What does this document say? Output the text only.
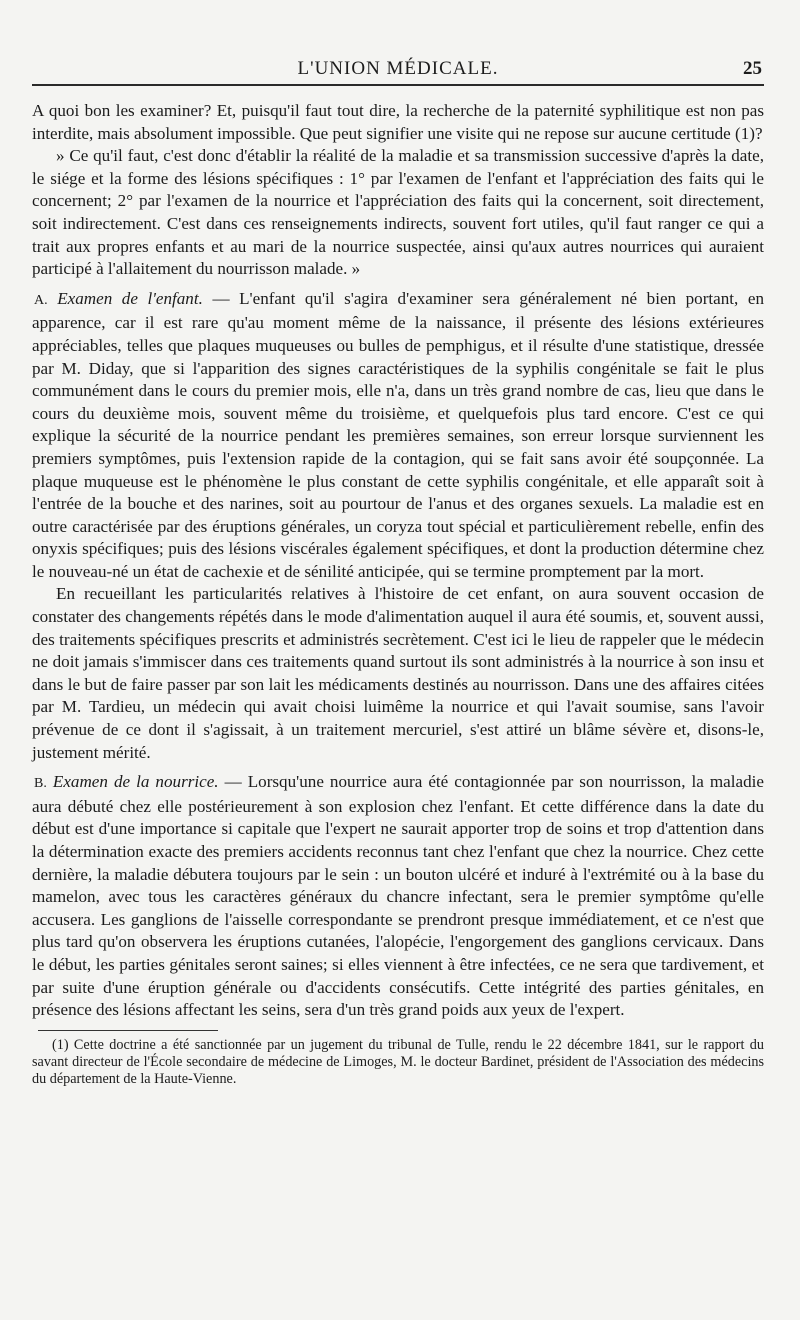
L'UNION MÉDICALE.	25

A quoi bon les examiner? Et, puisqu'il faut tout dire, la recherche de la paternité syphilitique est non pas interdite, mais absolument impossible. Que peut signifier une visite qui ne repose sur aucune certitude (1)?

» Ce qu'il faut, c'est donc d'établir la réalité de la maladie et sa transmission successive d'après la date, le siége et la forme des lésions spécifiques : 1° par l'examen de l'enfant et l'appréciation des faits qui le concernent; 2° par l'examen de la nourrice et l'appréciation des faits qui la concernent, soit directement, soit indirectement. C'est dans ces renseignements indirects, souvent fort utiles, qu'il faut ranger ce qui a trait aux propres enfants et au mari de la nourrice suspectée, ainsi qu'aux autres nourrices qui auraient participé à l'allaitement du nourrisson malade. »

A. Examen de l'enfant. — L'enfant qu'il s'agira d'examiner sera généralement né bien portant, en apparence, car il est rare qu'au moment même de la naissance, il présente des lésions extérieures appréciables, telles que plaques muqueuses ou bulles de pemphigus, et il résulte d'une statistique, dressée par M. Diday, que si l'apparition des signes caractéristiques de la syphilis congénitale se fait le plus communément dans le cours du premier mois, elle n'a, dans un très grand nombre de cas, lieu que dans le cours du deuxième mois, souvent même du troisième, et quelquefois plus tard encore. C'est ce qui explique la sécurité de la nourrice pendant les premières semaines, son erreur lorsque surviennent les premiers symptômes, puis l'extension rapide de la contagion, qui se fait sans avoir été soupçonnée. La plaque muqueuse est le phénomène le plus constant de cette syphilis congénitale, et elle apparaît soit à l'entrée de la bouche et des narines, soit au pourtour de l'anus et des organes sexuels. La maladie est en outre caractérisée par des éruptions générales, un coryza tout spécial et particulièrement rebelle, enfin des onyxis spécifiques; puis des lésions viscérales également spécifiques, et dont la production détermine chez le nouveau-né un état de cachexie et de sénilité anticipée, qui se termine promptement par la mort.

En recueillant les particularités relatives à l'histoire de cet enfant, on aura souvent occasion de constater des changements répétés dans le mode d'alimentation auquel il aura été soumis, et, souvent aussi, des traitements spécifiques prescrits et administrés secrètement. C'est ici le lieu de rappeler que le médecin ne doit jamais s'immiscer dans ces traitements quand surtout ils sont administrés à la nourrice à son insu et dans le but de faire passer par son lait les médicaments destinés au nourrisson. Dans une des affaires citées par M. Tardieu, un médecin qui avait choisi luimême la nourrice et qui l'avait soumise, sans l'avoir prévenue de ce dont il s'agissait, à un traitement mercuriel, s'est attiré un blâme sévère et, disons-le, justement mérité.

B. Examen de la nourrice. — Lorsqu'une nourrice aura été contagionnée par son nourrisson, la maladie aura débuté chez elle postérieurement à son explosion chez l'enfant. Et cette différence dans la date du début est d'une importance si capitale que l'expert ne saurait apporter trop de soins et trop d'attention dans la détermination exacte des premiers accidents reconnus tant chez l'enfant que chez la nourrice. Chez cette dernière, la maladie débutera toujours par le sein : un bouton ulcéré et induré à l'extrémité ou à la base du mamelon, avec tous les caractères généraux du chancre infectant, sera le premier symptôme qu'elle accusera. Les ganglions de l'aisselle correspondante se prendront presque immédiatement, et ce n'est que plus tard qu'on observera les éruptions cutanées, l'alopécie, l'engorgement des ganglions cervicaux. Dans le début, les parties génitales seront saines; si elles viennent à être infectées, ce ne sera que tardivement, et par suite d'une éruption générale ou d'accidents consécutifs. Cette intégrité des parties génitales, en présence des lésions affectant les seins, sera d'un très grand poids aux yeux de l'expert.

(1) Cette doctrine a été sanctionnée par un jugement du tribunal de Tulle, rendu le 22 décembre 1841, sur le rapport du savant directeur de l'École secondaire de médecine de Limoges, M. le docteur Bardinet, président de l'Association des médecins du département de la Haute-Vienne.
